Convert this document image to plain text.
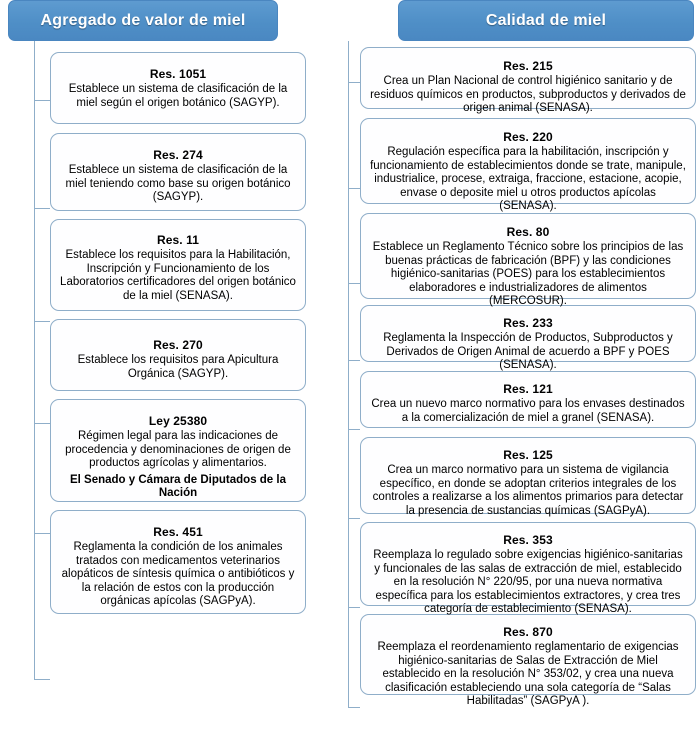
Agregado de valor de miel
Res. 1051
Establece un sistema de clasificación de la miel según el origen botánico (SAGYP).
Res. 274
Establece un sistema de clasificación de la miel teniendo como base su origen botánico (SAGYP).
Res. 11
Establece los requisitos para la Habilitación, Inscripción y Funcionamiento de los Laboratorios certificadores del origen botánico de la miel (SENASA).
Res. 270
Establece los requisitos para Apicultura Orgánica (SAGYP).
Ley 25380
Régimen legal para las indicaciones de procedencia y denominaciones de origen de productos agrícolas y alimentarios.
El Senado y Cámara de Diputados de la Nación
Res. 451
Reglamenta la condición de los animales tratados con medicamentos veterinarios alopáticos de síntesis química o antibióticos y la relación de estos con la producción orgánicas apícolas (SAGPyA).
Calidad de miel
Res. 215
Crea un Plan Nacional de control higiénico sanitario y de residuos químicos en productos, subproductos y derivados de origen animal (SENASA).
Res. 220
Regulación específica para la habilitación, inscripción y funcionamiento de establecimientos donde se trate, manipule, industrialice, procese, extraiga, fraccione, estacione, acopie, envase o deposite miel u otros productos apícolas (SENASA).
Res. 80
Establece un Reglamento Técnico sobre los principios de las buenas prácticas de fabricación (BPF) y las condiciones higiénico-sanitarias (POES) para los establecimientos elaboradores e industrializadores de alimentos (MERCOSUR).
Res. 233
Reglamenta la Inspección de Productos, Subproductos y Derivados de Origen Animal de acuerdo a BPF y POES (SENASA).
Res. 121
Crea un nuevo marco normativo para los envases destinados a la comercialización de miel a granel (SENASA).
Res. 125
Crea un marco normativo para un sistema de vigilancia específico, en donde se adoptan criterios integrales de los controles a realizarse a los alimentos primarios para detectar la presencia de sustancias químicas (SAGPyA).
Res. 353
Reemplaza lo regulado sobre exigencias higiénico-sanitarias y funcionales de las salas de extracción de miel, establecido en la resolución N° 220/95, por una nueva normativa específica para los establecimientos extractores, y crea tres categoría de establecimiento (SENASA).
Res. 870
Reemplaza el reordenamiento reglamentario de exigencias higiénico-sanitarias de Salas de Extracción de Miel establecido en la resolución N° 353/02, y crea una nueva clasificación estableciendo una sola categoría de “Salas Habilitadas” (SAGPyA ).
